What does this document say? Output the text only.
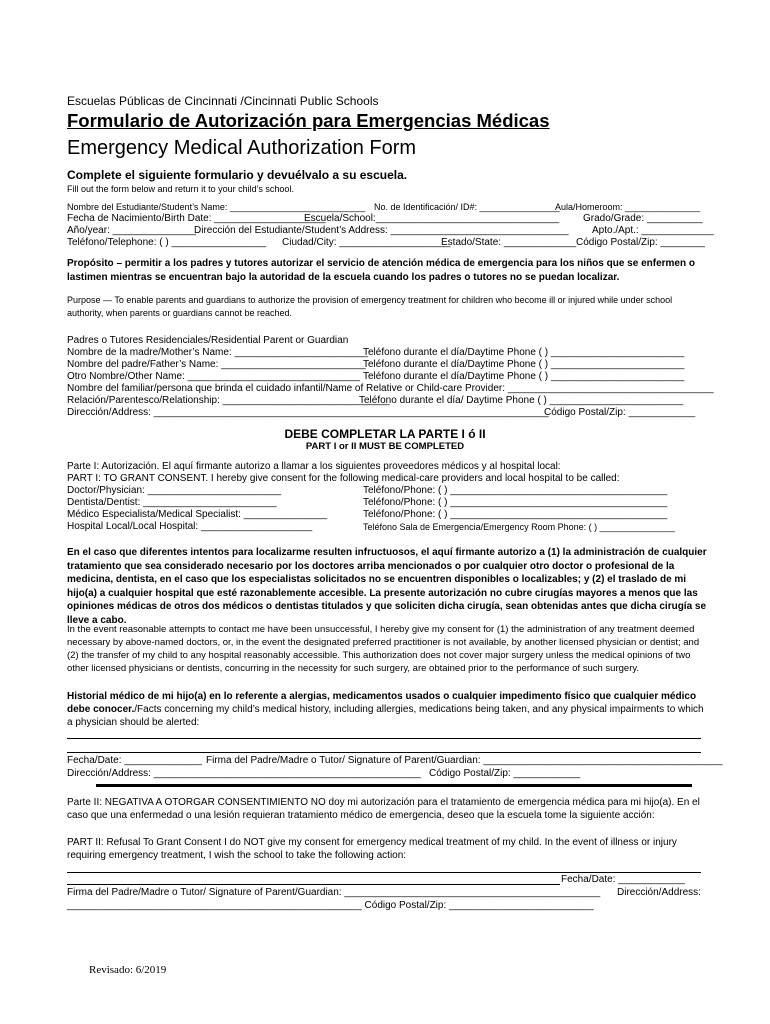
Escuelas Públicas de Cincinnati /Cincinnati Public Schools
Formulario de Autorización para Emergencias Médicas
Emergency Medical Authorization Form
Complete el siguiente formulario y devuélvalo a su escuela.
Fill out the form below and return it to your child’s school.
Nombre del Estudiante/Student’s Name: ___________________________ No. de Identificación/ ID#: ________________
Aula/Homeroom: _______________
Fecha de Nacimiento/Birth Date: ____________________
Escuela/School:_________________________________ Grado/Grade: __________
Año/year: _______________
Dirección del Estudiante/Student’s Address: ________________________________ Apto./Apt.: _____________
Teléfono/Telephone: ( ) _________________ Ciudad/City: ____________________
Estado/State: _____________ Código Postal/Zip: ________
Propósito – permitir a los padres y tutores autorizar el servicio de atención médica de emergencia para los niños que se enfermen o lastimen mientras se encuentran bajo la autoridad de la escuela cuando los padres o tutores no se puedan localizar.
Purpose — To enable parents and guardians to authorize the provision of emergency treatment for children who become ill or injured while under school authority, when parents or guardians cannot be reached.
Padres o Tutores Residenciales/Residential Parent or Guardian
Nombre de la madre/Mother’s Name: ________________________
Teléfono durante el día/Daytime Phone ( ) ________________________
Nombre del padre/Father’s Name: __________________________
Teléfono durante el día/Daytime Phone ( ) ________________________
Otro Nombre/Other Name: _______________________________ Teléfono durante el día/Daytime Phone ( ) ________________________
Nombre del familiar/persona que brinda el cuidado infantil/Name of Relative or Child-care Provider: _____________________________________
Relación/Parentesco/Relationship: ______________________________
Teléfono durante el día/ Daytime Phone ( ) ________________________
Dirección/Address: _______________________________________________________________________
Código Postal/Zip: ____________
DEBE COMPLETAR LA PARTE I ó II
PART I or II MUST BE COMPLETED
Parte I: Autorización. El aquí firmante autorizo a llamar a los siguientes proveedores médicos y al hospital local:
PART I: TO GRANT CONSENT. I hereby give consent for the following medical-care providers and local hospital to be called:
Doctor/Physician: ________________________	Teléfono/Phone: ( ) _______________________________________
Dentista/Dentist: ________________________	Teléfono/Phone: ( ) _______________________________________
Médico Especialista/Medical Specialist: _______________	Teléfono/Phone: ( ) _______________________________________
Hospital Local/Local Hospital: ____________________	Teléfono Sala de Emergencia/Emergency Room Phone: ( ) _______________
En el caso que diferentes intentos para localizarme resulten infructuosos, el aquí firmante autorizo a (1) la administración de cualquier tratamiento que sea considerado necesario por los doctores arriba mencionados o por cualquier otro doctor o profesional de la medicina, dentista, en el caso que los especialistas solicitados no se encuentren disponibles o localizables; y (2) el traslado de mi hijo(a) a cualquier hospital que esté razonablemente accesible. La presente autorización no cubre cirugías mayores a menos que las opiniones médicas de otros dos médicos o dentistas titulados y que soliciten dicha cirugía, sean obtenidas antes que dicha cirugía se lleve a cabo.
In the event reasonable attempts to contact me have been unsuccessful, I hereby give my consent for (1) the administration of any treatment deemed necessary by above-named doctors, or, in the event the designated preferred practitioner is not available, by another licensed physician or dentist; and (2) the transfer of my child to any hospital reasonably accessible. This authorization does not cover major surgery unless the medical opinions of two other licensed physicians or dentists, concurring in the necessity for such surgery, are obtained prior to the performance of such surgery.
Historial médico de mi hijo(a) en lo referente a alergias, medicamentos usados o cualquier impedimento físico que cualquier médico debe conocer./Facts concerning my child’s medical history, including allergies, medications being taken, and any physical impairments to which a physician should be alerted:
Fecha/Date: ______________ Firma del Padre/Madre o Tutor/ Signature of Parent/Guardian: ___________________________________________
Dirección/Address: ________________________________________________ Código Postal/Zip: ____________
Parte II: NEGATIVA A OTORGAR CONSENTIMIENTO NO doy mi autorización para el tratamiento de emergencia médica para mi hijo(a). En el caso que una enfermedad o una lesión requieran tratamiento médico de emergencia, deseo que la escuela tome la siguiente acción:
PART II: Refusal To Grant Consent I do NOT give my consent for emergency medical treatment of my child. In the event of illness or injury requiring emergency treatment, I wish the school to take the following action:
Fecha/Date: ____________
Firma del Padre/Madre o Tutor/ Signature of Parent/Guardian: ______________________________________________ Dirección/Address:
_____________________________________________________ Código Postal/Zip: __________________________
Revisado: 6/2019
